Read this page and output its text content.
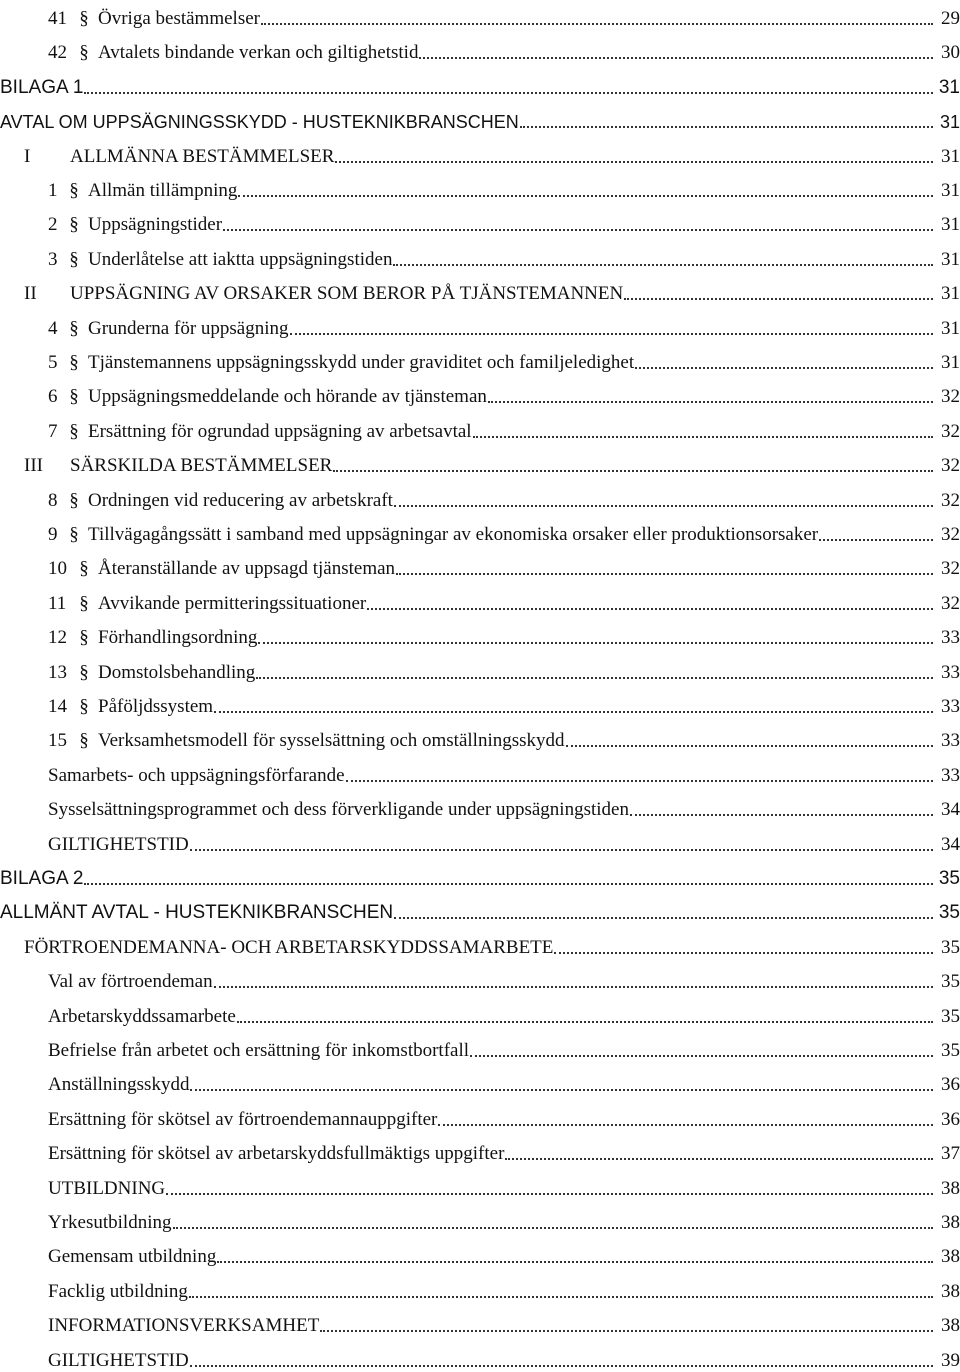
41 § Övriga bestämmelser	29
42 § Avtalets bindande verkan och giltighetstid	30
BILAGA 1	31
AVTAL OM UPPSÄGNINGSSKYDD - HUSTEKNIKBRANSCHEN	31
I	ALLMÄNNA BESTÄMMELSER	31
1 § Allmän tillämpning	31
2 § Uppsägningstider	31
3 § Underlåtelse att iaktta uppsägningstiden	31
II	UPPSÄGNING AV ORSAKER SOM BEROR PÅ TJÄNSTEMANNEN	31
4 § Grunderna för uppsägning	31
5 § Tjänstemannens uppsägningsskydd under graviditet och familjeledighet	31
6 § Uppsägningsmeddelande och hörande av tjänsteman	32
7 § Ersättning för ogrundad uppsägning av arbetsavtal	32
III	SÄRSKILDA BESTÄMMELSER	32
8 § Ordningen vid reducering av arbetskraft	32
9 § Tillvägagångssätt i samband med uppsägningar av ekonomiska orsaker eller produktionsorsaker	32
10 § Återanställande av uppsagd tjänsteman	32
11 § Avvikande permitteringssituationer	32
12 § Förhandlingsordning	33
13 § Domstolsbehandling	33
14 § Påföljdssystem	33
15 § Verksamhetsmodell för sysselsättning och omställningsskydd	33
Samarbets- och uppsägningsförfarande	33
Sysselsättningsprogrammet och dess förverkligande under uppsägningstiden	34
GILTIGHETSTID	34
BILAGA 2	35
ALLMÄNT AVTAL - HUSTEKNIKBRANSCHEN	35
FÖRTROENDEMANNA- OCH ARBETARSKYDDSSAMARBETE	35
Val av förtroendeman	35
Arbetarskyddssamarbete	35
Befrielse från arbetet och ersättning för inkomstbortfall	35
Anställningsskydd	36
Ersättning för skötsel av förtroendemannauppgifter	36
Ersättning för skötsel av arbetarskyddsfullmäktigs uppgifter	37
UTBILDNING	38
Yrkesutbildning	38
Gemensam utbildning	38
Facklig utbildning	38
INFORMATIONSVERKSAMHET	38
GILTIGHETSTID	39
